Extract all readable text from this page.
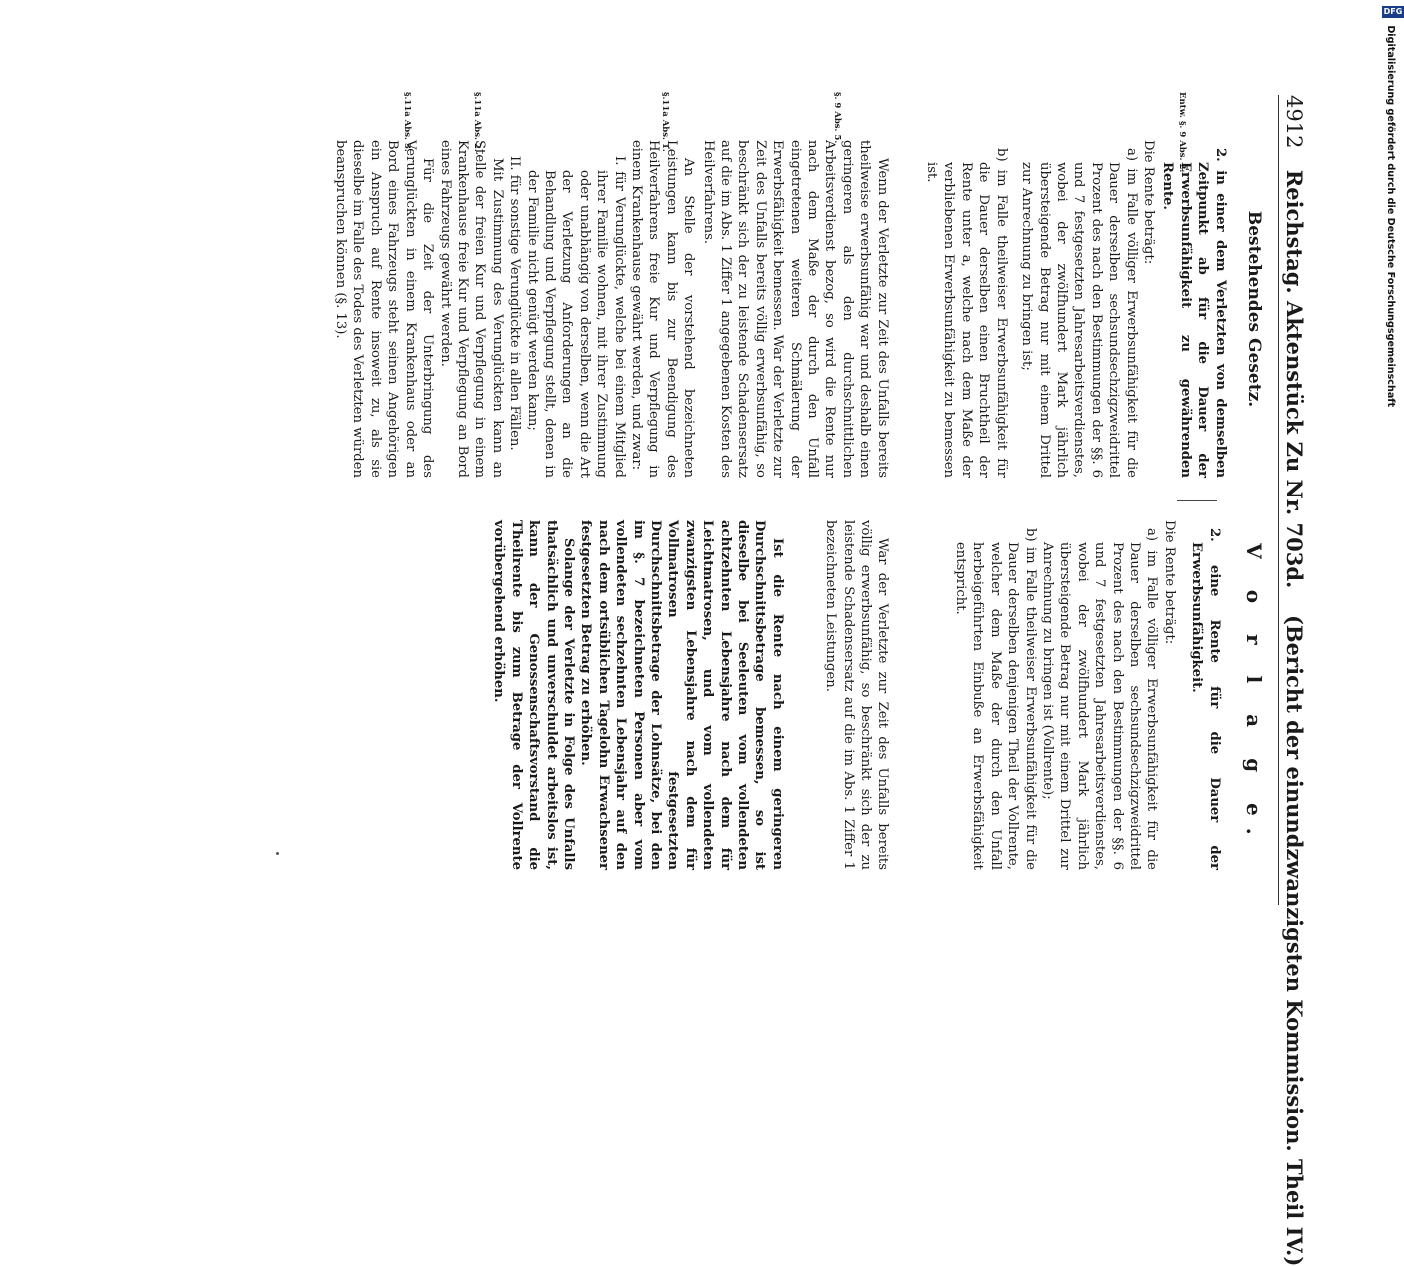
4912 Reichstag. Aktenstück Zu Nr. 703d.  (Bericht der einundzwanzigsten Kommission. Theil IV.)

Bestehendes Gesetz.

2. in einer dem Verletzten von demselben Zeitpunkt ab für die Dauer der Erwerbsunfähigkeit zu gewährenden Rente.

Die Rente beträgt:

a) im Falle völliger Erwerbsunfähigkeit für die Dauer derselben sechsundsechzigzweidrittel Prozent des nach den Bestimmungen der §§. 6 und 7 festgesetzten Jahresarbeitsverdienstes, wobei der zwölfhundert Mark jährlich übersteigende Betrag nur mit einem Drittel zur Anrechnung zu bringen ist;

b) im Falle theilweiser Erwerbsunfähigkeit für die Dauer derselben einen Bruchtheil der Rente unter a, welche nach dem Maße der verbliebenen Erwerbsunfähigkeit zu bemessen ist.

Wenn der Verletzte zur Zeit des Unfalls bereits theilweise erwerbsunfähig war und deshalb einen geringeren als den durchschnittlichen Arbeitsverdienst bezog, so wird die Rente nur nach dem Maße der durch den Unfall eingetretenen weiteren Schmälerung der Erwerbsfähigkeit bemessen. War der Verletzte zur Zeit des Unfalls bereits völlig erwerbsunfähig, so beschränkt sich der zu leistende Schadensersatz auf die im Abs. 1 Ziffer 1 angegebenen Kosten des Heilverfahrens.

An Stelle der vorstehend bezeichneten Leistungen kann bis zur Beendigung des Heilverfahrens freie Kur und Verpflegung in einem Krankenhause gewährt werden, und zwar:

I. für Verunglückte, welche bei einem Mitglied ihrer Familie wohnen, mit ihrer Zustimmung oder unabhängig von derselben, wenn die Art der Verletzung Anforderungen an die Behandlung und Verpflegung stellt, denen in der Familie nicht genügt werden kann;

II. für sonstige Verunglückte in allen Fällen.

Mit Zustimmung des Verunglückten kann an Stelle der freien Kur und Verpflegung in einem Krankenhause freie Kur und Verpflegung an Bord eines Fahrzeugs gewährt werden.

Für die Zeit der Unterbringung des Verunglückten in einem Krankenhaus oder an Bord eines Fahrzeugs steht seinen Angehörigen ein Anspruch auf Rente insoweit zu, als sie dieselbe im Falle des Todes des Verletzten würden beanspruchen können (§. 13).

Entw. §. 9 Abs. 2.
§. 9 Abs. 5.
§.11a Abs. 1.
§.11a Abs. 2.
§.11a Abs. 3.

V o r l a g e.

2. eine Rente für die Dauer der Erwerbsunfähigkeit.

Die Rente beträgt:

a) im Falle völliger Erwerbsunfähigkeit für die Dauer derselben sechsundsechzigzweidrittel Prozent des nach den Bestimmungen der §§. 6 und 7 festgesetzten Jahresarbeitsverdienstes, wobei der zwölfhundert Mark jährlich übersteigende Betrag nur mit einem Drittel zur Anrechnung zu bringen ist (Vollrente);

b) im Falle theilweiser Erwerbsunfähigkeit für die Dauer derselben denjenigen Theil der Vollrente, welcher dem Maße der durch den Unfall herbeigeführten Einbuße an Erwerbsfähigkeit entspricht.

War der Verletzte zur Zeit des Unfalls bereits völlig erwerbsunfähig, so beschränkt sich der zu leistende Schadensersatz auf die im Abs. 1 Ziffer 1 bezeichneten Leistungen.

Ist die Rente nach einem geringeren Durchschnittsbetrage bemessen, so ist dieselbe bei Seeleuten vom vollendeten achtzehnten Lebensjahre nach dem für Leichtmatrosen, und vom vollendeten zwanzigsten Lebensjahre nach dem für Vollmatrosen festgesetzten Durchschnittsbetrage der Lohnsätze, bei den im §. 7 bezeichneten Personen aber vom vollendeten sechzehnten Lebensjahr auf den nach dem ortsüblichen Tagelohn Erwachsener festgesetzten Betrag zu erhöhen.

Solange der Verletzte in Folge des Unfalls thatsächlich und unverschuldet arbeitslos ist, kann der Genossenschaftsvorstand die Theilrente bis zum Betrage der Vollrente vorübergehend erhöhen.

DFG Digitalisierung gefördert durch die Deutsche Forschungsgemeinschaft
